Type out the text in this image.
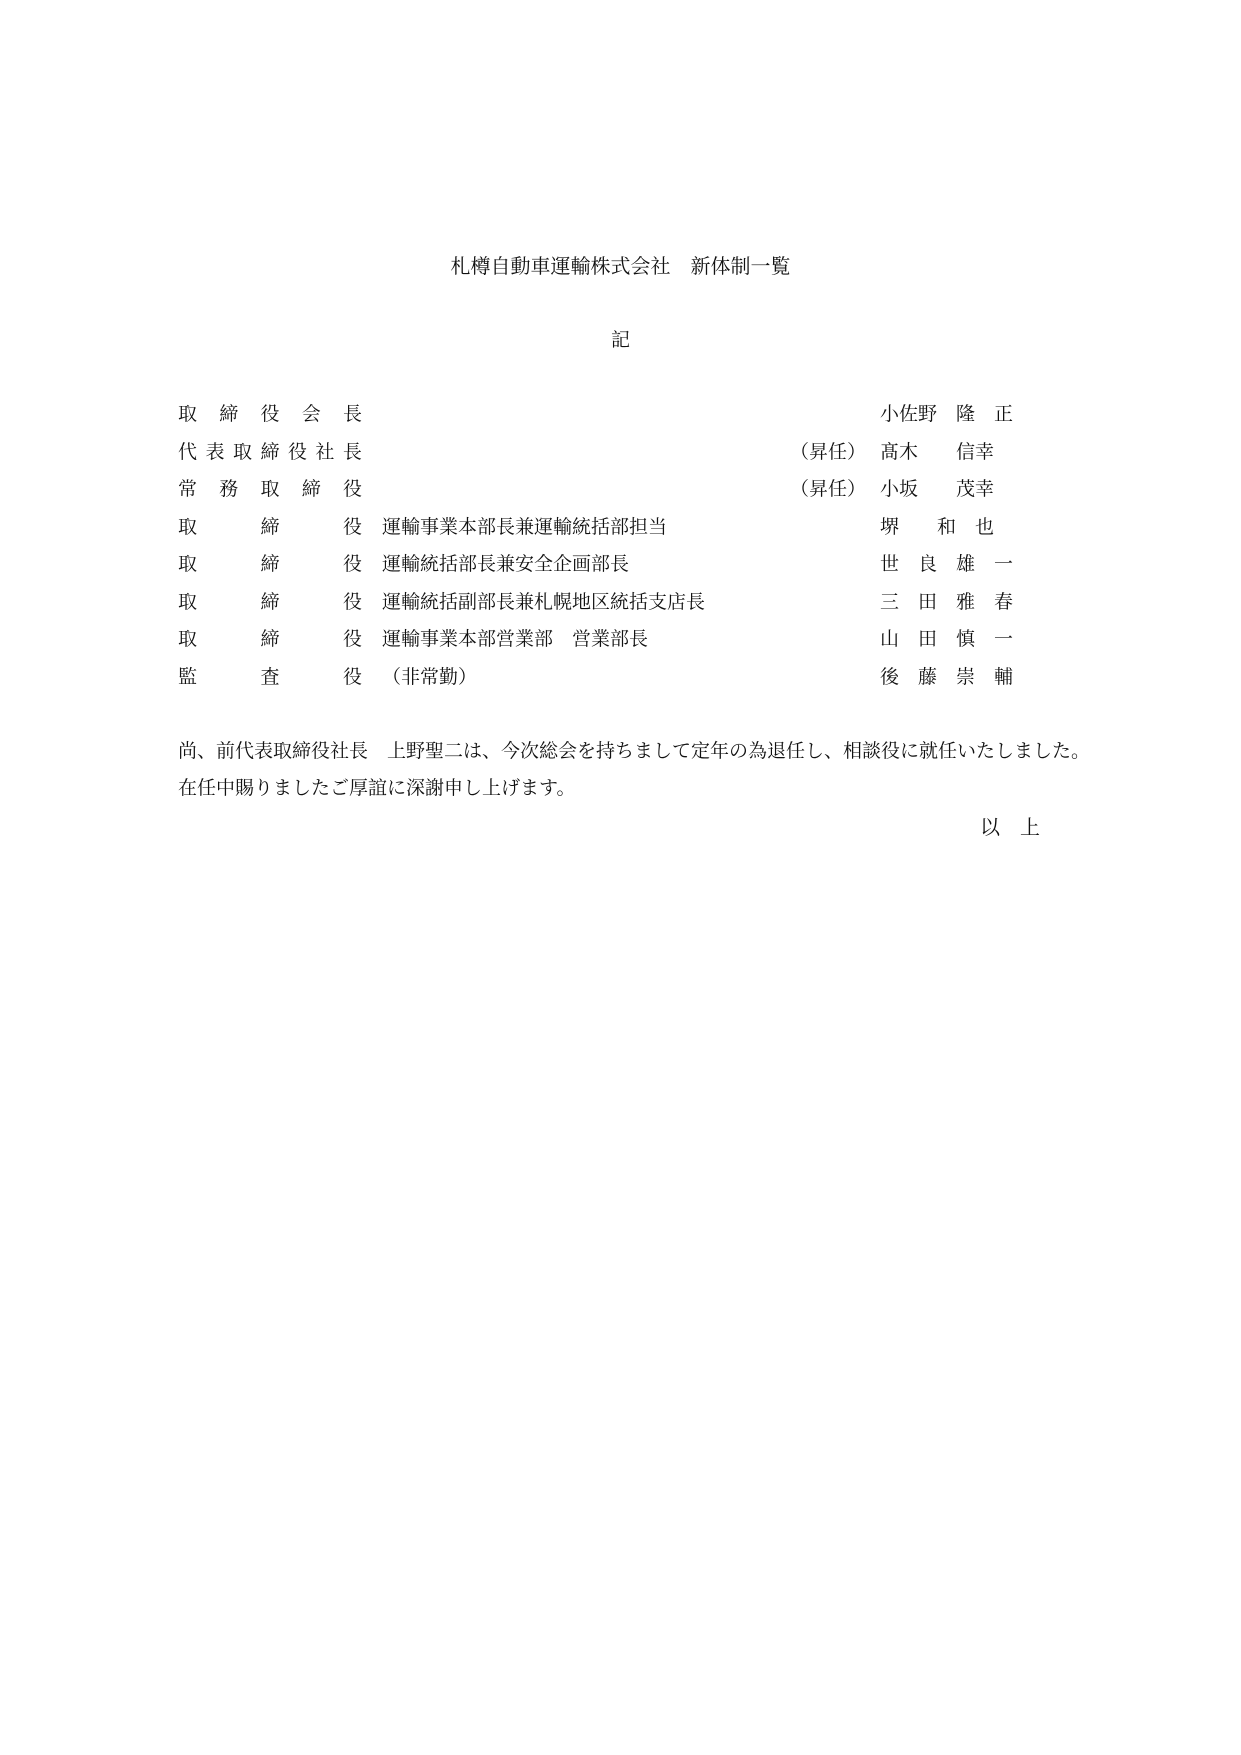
札樽自動車運輸株式会社　新体制一覧
記
取 締 役 会 長	小佐野　隆　正
代 表 取 締 役 社 長	（昇任） 髙木　　信幸
常 務 取 締 役	（昇任） 小坂　　茂幸
取	締	役 運輸事業本部長兼運輸統括部担当	堺　　和　也
取	締	役 運輸統括部長兼安全企画部長	世　良　雄　一
取	締	役 運輸統括副部長兼札幌地区統括支店長	三　田　雅　春
取	締	役 運輸事業本部営業部　営業部長	山　田　慎　一
監	査	役 （非常勤）	後　藤　崇　輔

尚、前代表取締役社長　上野聖二は、今次総会を持ちまして定年の為退任し、相談役に就任いたしました。

在任中賜りましたご厚誼に深謝申し上げます。

以　上
